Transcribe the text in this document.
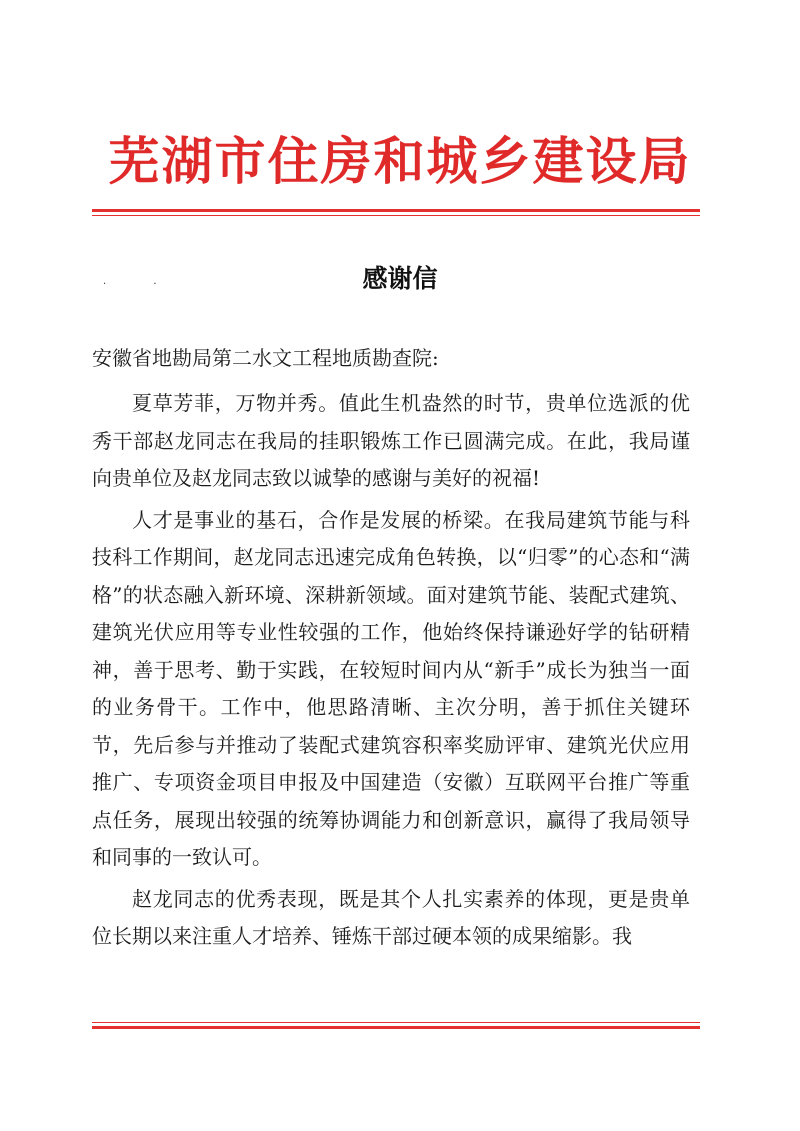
芜湖市住房和城乡建设局
· ·	感谢信
安徽省地勘局第二水文工程地质勘查院:

夏草芳菲，万物并秀。值此生机盎然的时节，贵单位选派的优秀干部赵龙同志在我局的挂职锻炼工作已圆满完成。在此，我局谨向贵单位及赵龙同志致以诚挚的感谢与美好的祝福!

人才是事业的基石，合作是发展的桥梁。在我局建筑节能与科技科工作期间，赵龙同志迅速完成角色转换，以“归零”的心态和“满格”的状态融入新环境、深耕新领域。面对建筑节能、装配式建筑、建筑光伏应用等专业性较强的工作，他始终保持谦逊好学的钻研精神，善于思考、勤于实践，在较短时间内从“新手”成长为独当一面的业务骨干。工作中，他思路清晰、主次分明，善于抓住关键环节，先后参与并推动了装配式建筑容积率奖励评审、建筑光伏应用推广、专项资金项目申报及中国建造（安徽）互联网平台推广等重点任务，展现出较强的统筹协调能力和创新意识，赢得了我局领导和同事的一致认可。

赵龙同志的优秀表现，既是其个人扎实素养的体现，更是贵单位长期以来注重人才培养、锤炼干部过硬本领的成果缩影。我
